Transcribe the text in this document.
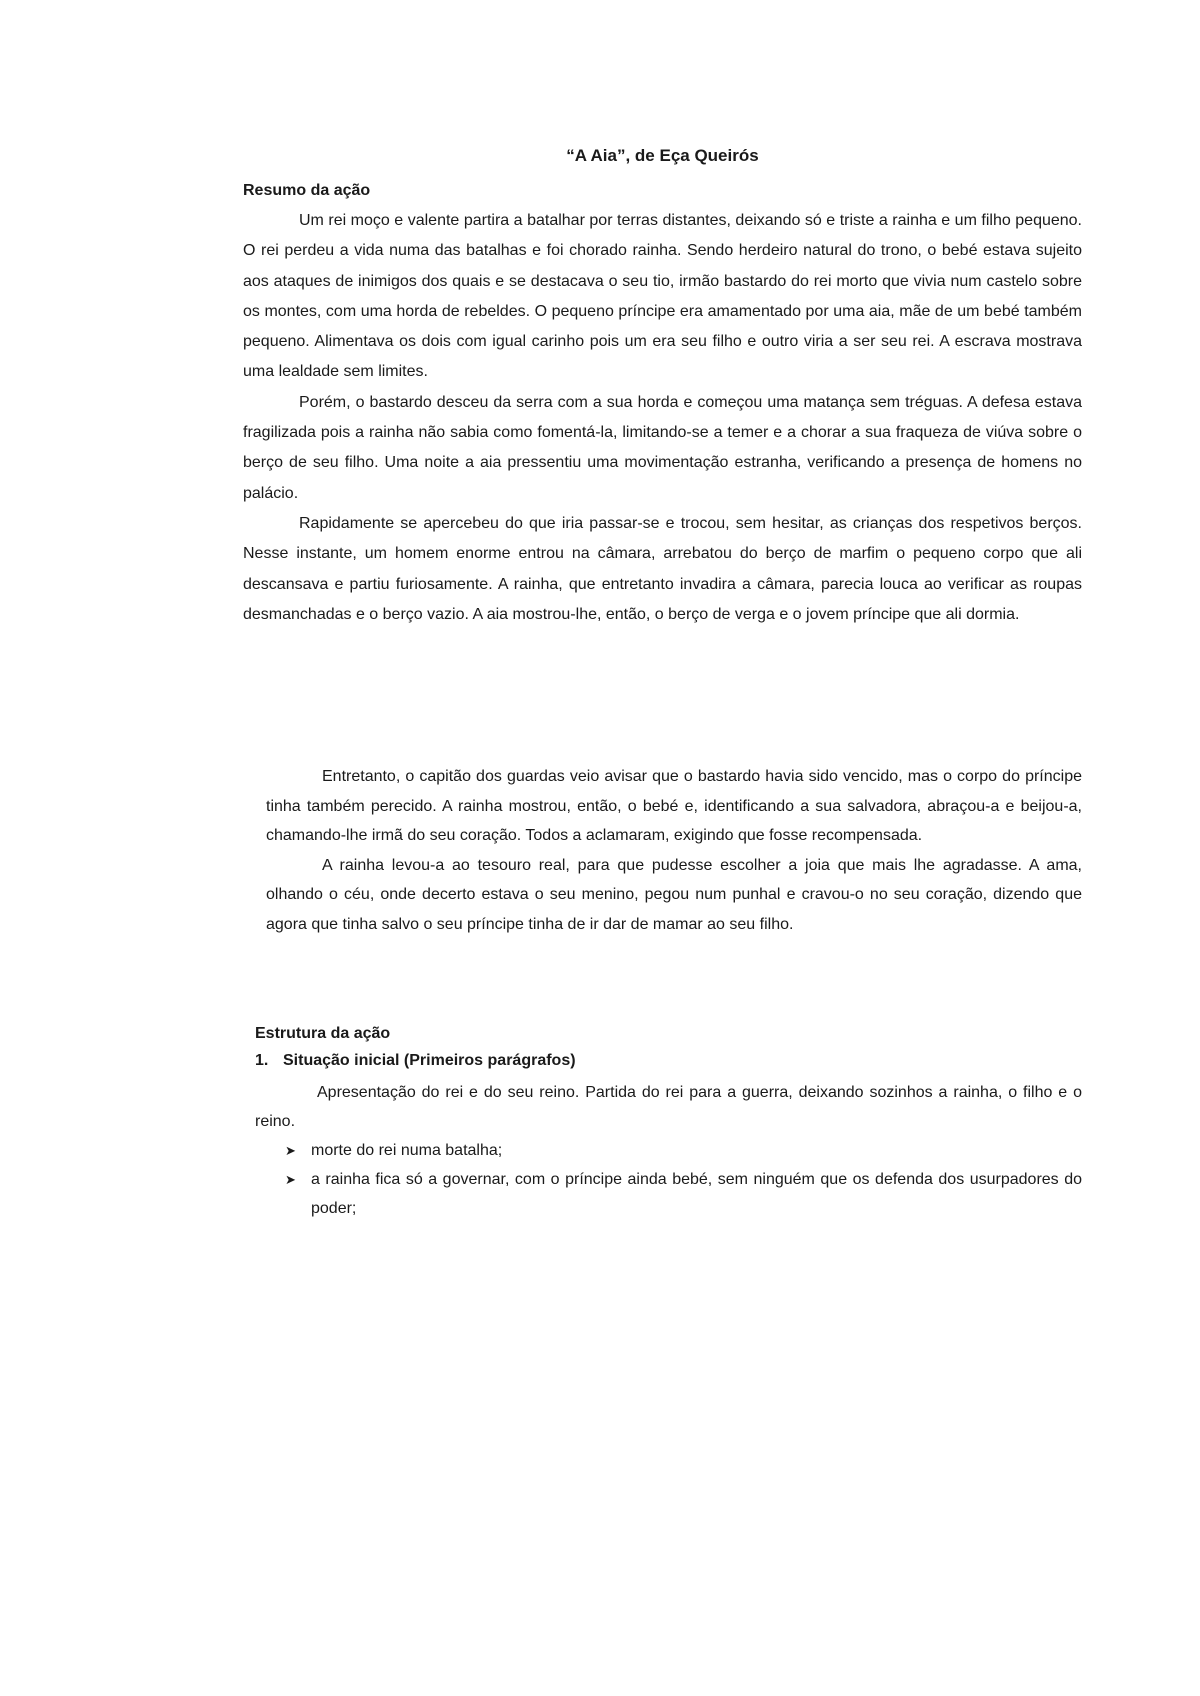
“A Aia”, de Eça Queirós
Resumo da ação

Um rei moço e valente partira a batalhar por terras distantes, deixando só e triste a rainha e um filho pequeno. O rei perdeu a vida numa das batalhas e foi chorado rainha. Sendo herdeiro natural do trono, o bebé estava sujeito aos ataques de inimigos dos quais e se destacava o seu tio, irmão bastardo do rei morto que vivia num castelo sobre os montes, com uma horda de rebeldes. O pequeno príncipe era amamentado por uma aia, mãe de um bebé também pequeno. Alimentava os dois com igual carinho pois um era seu filho e outro viria a ser seu rei. A escrava mostrava uma lealdade sem limites.

Porém, o bastardo desceu da serra com a sua horda e começou uma matança sem tréguas. A defesa estava fragilizada pois a rainha não sabia como fomentá-la, limitando-se a temer e a chorar a sua fraqueza de viúva sobre o berço de seu filho. Uma noite a aia pressentiu uma movimentação estranha, verificando a presença de homens no palácio.

Rapidamente se apercebeu do que iria passar-se e trocou, sem hesitar, as crianças dos respetivos berços. Nesse instante, um homem enorme entrou na câmara, arrebatou do berço de marfim o pequeno corpo que ali descansava e partiu furiosamente. A rainha, que entretanto invadira a câmara, parecia louca ao verificar as roupas desmanchadas e o berço vazio. A aia mostrou-lhe, então, o berço de verga e o jovem príncipe que ali dormia.

Entretanto, o capitão dos guardas veio avisar que o bastardo havia sido vencido, mas o corpo do príncipe tinha também perecido. A rainha mostrou, então, o bebé e, identificando a sua salvadora, abraçou-a e beijou-a, chamando-lhe irmã do seu coração. Todos a aclamaram, exigindo que fosse recompensada.

A rainha levou-a ao tesouro real, para que pudesse escolher a joia que mais lhe agradasse. A ama, olhando o céu, onde decerto estava o seu menino, pegou num punhal e cravou-o no seu coração, dizendo que agora que tinha salvo o seu príncipe tinha de ir dar de mamar ao seu filho.

Estrutura da ação
1. Situação inicial (Primeiros parágrafos)

Apresentação do rei e do seu reino. Partida do rei para a guerra, deixando sozinhos a rainha, o filho e o reino.

➤ morte do rei numa batalha;
➤ a rainha fica só a governar, com o príncipe ainda bebé, sem ninguém que os defenda dos usurpadores do poder;
